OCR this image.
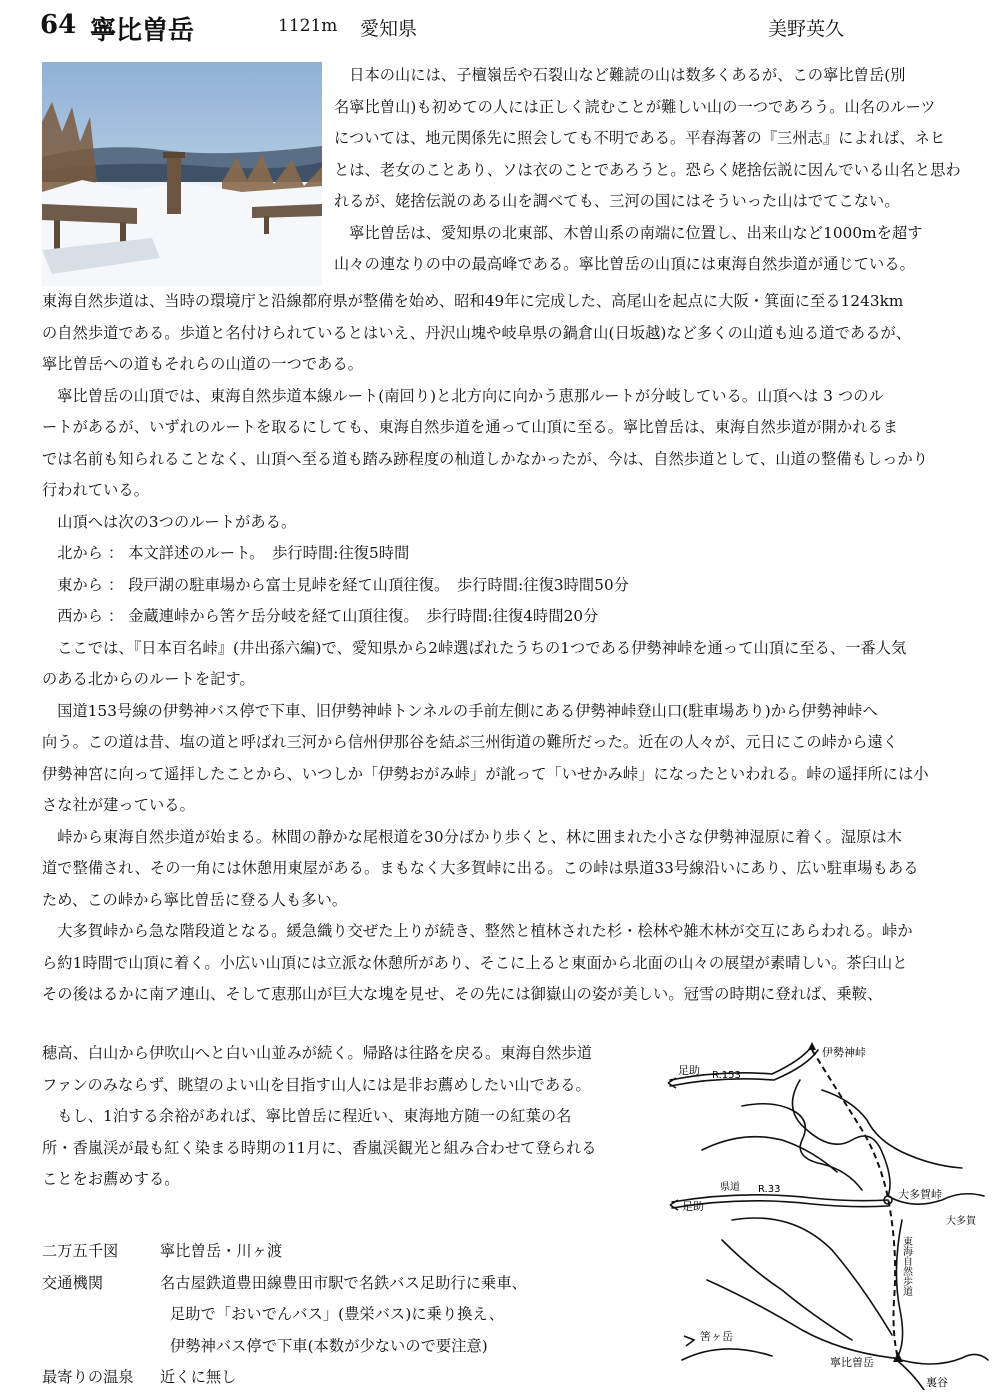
64 寧比曽岳	1121m 愛知県	美野英久
日本の山には、子檀嶺岳や石裂山など難読の山は数多くあるが、この寧比曽岳(別
名寧比曽山)も初めての人には正しく読むことが難しい山の一つであろう。山名のルーツ
については、地元関係先に照会しても不明である。平春海著の『三州志』によれば、ネヒ
とは、老女のことあり、ソは衣のことであろうと。恐らく姥捨伝説に因んでいる山名と思わ
れるが、姥捨伝説のある山を調べても、三河の国にはそういった山はでてこない。
寧比曽岳は、愛知県の北東部、木曽山系の南端に位置し、出来山など1000mを超す
山々の連なりの中の最高峰である。寧比曽岳の山頂には東海自然歩道が通じている。
東海自然歩道は、当時の環境庁と沿線都府県が整備を始め、昭和49年に完成した、高尾山を起点に大阪・箕面に至る1243km
の自然歩道である。歩道と名付けられているとはいえ、丹沢山塊や岐阜県の鍋倉山(日坂越)など多くの山道も辿る道であるが、
寧比曽岳への道もそれらの山道の一つである。
寧比曽岳の山頂では、東海自然歩道本線ルート(南回り)と北方向に向かう恵那ルートが分岐している。山頂へは 3 つのル
ートがあるが、いずれのルートを取るにしても、東海自然歩道を通って山頂に至る。寧比曽岳は、東海自然歩道が開かれるま
では名前も知られることなく、山頂へ至る道も踏み跡程度の杣道しかなかったが、今は、自然歩道として、山道の整備もしっかり
行われている。
山頂へは次の3つのルートがある。
北から ： 本文詳述のルート。　歩行時間:往復5時間
東から ： 段戸湖の駐車場から富士見峠を経て山頂往復。　歩行時間:往復3時間50分
西から ： 金蔵連峠から筈ケ岳分岐を経て山頂往復。　歩行時間:往復4時間20分
ここでは、『日本百名峠』(井出孫六編)で、愛知県から2峠選ばれたうちの1つである伊勢神峠を通って山頂に至る、一番人気
のある北からのルートを記す。
国道153号線の伊勢神バス停で下車、旧伊勢神峠トンネルの手前左側にある伊勢神峠登山口(駐車場あり)から伊勢神峠へ
向う。この道は昔、塩の道と呼ばれ三河から信州伊那谷を結ぶ三州街道の難所だった。近在の人々が、元日にこの峠から遠く
伊勢神宮に向って遥拝したことから、いつしか「伊勢おがみ峠」が訛って「いせかみ峠」になったといわれる。峠の遥拝所には小
さな社が建っている。
峠から東海自然歩道が始まる。林間の静かな尾根道を30分ばかり歩くと、林に囲まれた小さな伊勢神湿原に着く。湿原は木
道で整備され、その一角には休憩用東屋がある。まもなく大多賀峠に出る。この峠は県道33号線沿いにあり、広い駐車場もある
ため、この峠から寧比曽岳に登る人も多い。
大多賀峠から急な階段道となる。緩急織り交ぜた上りが続き、整然と植林された杉・桧林や雑木林が交互にあらわれる。峠か
ら約1時間で山頂に着く。小広い山頂には立派な休憩所があり、そこに上ると東面から北面の山々の展望が素晴しい。茶臼山と
その後はるかに南ア連山、そして恵那山が巨大な塊を見せ、その先には御嶽山の姿が美しい。冠雪の時期に登れば、乗鞍、
穂高、白山から伊吹山へと白い山並みが続く。帰路は往路を戻る。東海自然歩道
ファンのみならず、眺望のよい山を目指す山人には是非お薦めしたい山である。
もし、1泊する余裕があれば、寧比曽岳に程近い、東海地方随一の紅葉の名
所・香嵐渓が最も紅く染まる時期の11月に、香嵐渓観光と組み合わせて登られる
ことをお薦めする。
二万五千図	寧比曽岳・川ヶ渡
交通機関	名古屋鉄道豊田線豊田市駅で名鉄バス足助行に乗車、
足助で「おいでんバス」(豊栄バス)に乗り換え、
伊勢神バス停で下車(本数が少ないので要注意)
最寄りの温泉 近くに無し
伊勢神峠
足助 R.153
県道 R.33	大多賀峠
大多賀
足助
東海自然歩道
筈ヶ岳
寧比曽岳
裏谷
